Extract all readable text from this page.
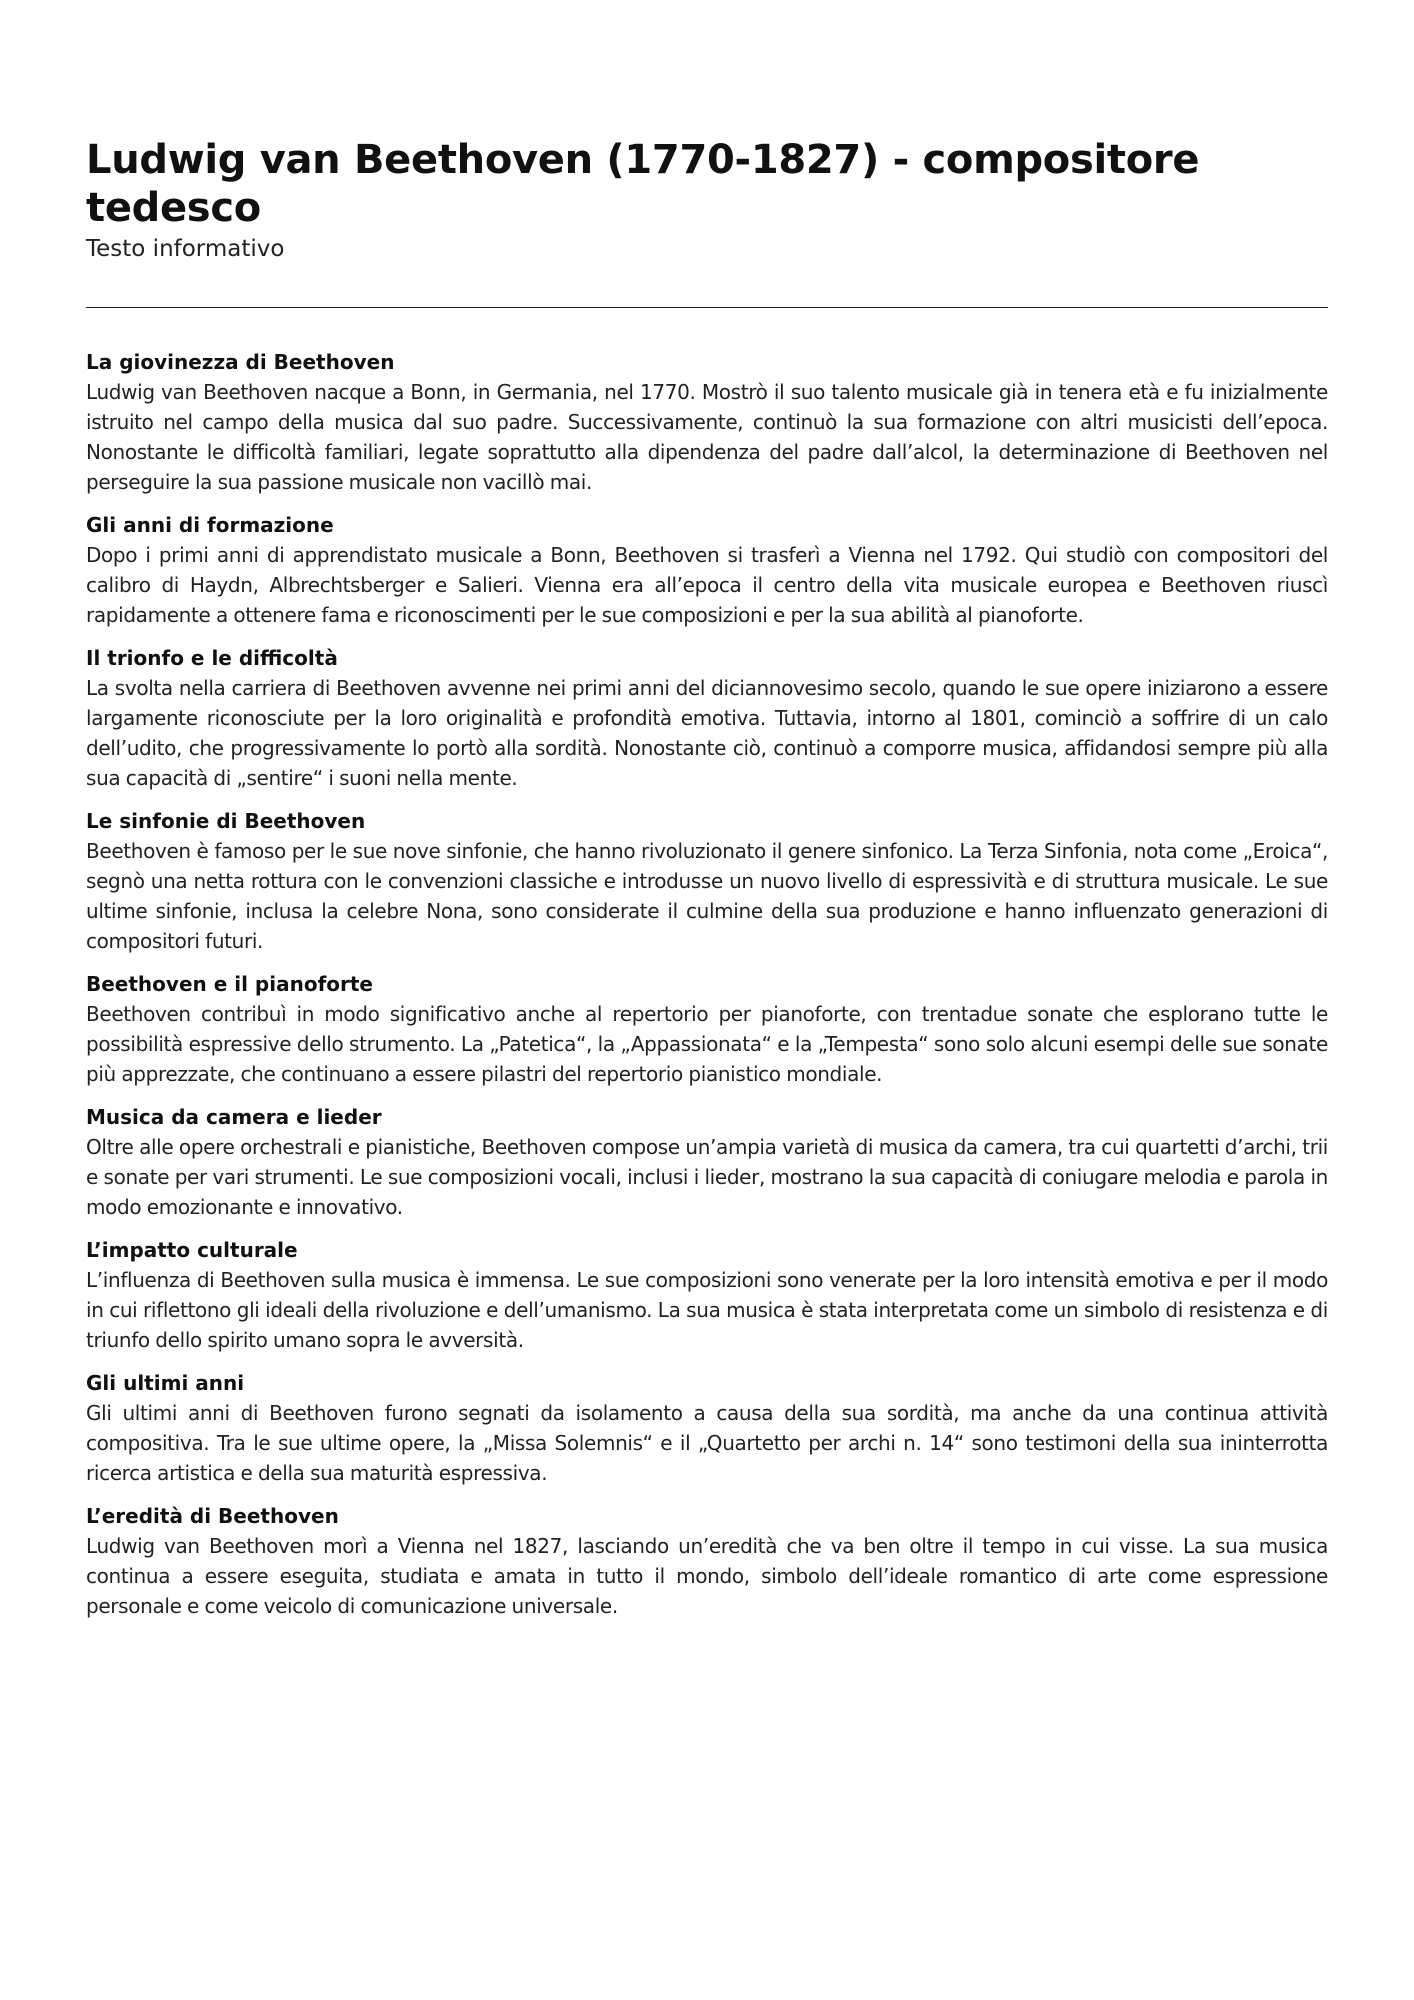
Ludwig van Beethoven (1770-1827) - compositore tedesco
Testo informativo
La giovinezza di Beethoven

Ludwig van Beethoven nacque a Bonn, in Germania, nel 1770. Mostrò il suo talento musicale già in tenera età e fu inizialmente istruito nel campo della musica dal suo padre. Successivamente, continuò la sua formazione con altri musicisti dell’epoca. Nonostante le difficoltà familiari, legate soprattutto alla dipendenza del padre dall’alcol, la determinazione di Beethoven nel perseguire la sua passione musicale non vacillò mai.

Gli anni di formazione

Dopo i primi anni di apprendistato musicale a Bonn, Beethoven si trasferì a Vienna nel 1792. Qui studiò con compositori del calibro di Haydn, Albrechtsberger e Salieri. Vienna era all’epoca il centro della vita musicale europea e Beethoven riuscì rapidamente a ottenere fama e riconoscimenti per le sue composizioni e per la sua abilità al pianoforte.

Il trionfo e le difficoltà

La svolta nella carriera di Beethoven avvenne nei primi anni del diciannovesimo secolo, quando le sue opere iniziarono a essere largamente riconosciute per la loro originalità e profondità emotiva. Tuttavia, intorno al 1801, cominciò a soffrire di un calo dell’udito, che progressivamente lo portò alla sordità. Nonostante ciò, continuò a comporre musica, affidandosi sempre più alla sua capacità di „sentire“ i suoni nella mente.

Le sinfonie di Beethoven

Beethoven è famoso per le sue nove sinfonie, che hanno rivoluzionato il genere sinfonico. La Terza Sinfonia, nota come „Eroica“, segnò una netta rottura con le convenzioni classiche e introdusse un nuovo livello di espressività e di struttura musicale. Le sue ultime sinfonie, inclusa la celebre Nona, sono considerate il culmine della sua produzione e hanno influenzato generazioni di compositori futuri.

Beethoven e il pianoforte

Beethoven contribuì in modo significativo anche al repertorio per pianoforte, con trentadue sonate che esplorano tutte le possibilità espressive dello strumento. La „Patetica“, la „Appassionata“ e la „Tempesta“ sono solo alcuni esempi delle sue sonate più apprezzate, che continuano a essere pilastri del repertorio pianistico mondiale.

Musica da camera e lieder

Oltre alle opere orchestrali e pianistiche, Beethoven compose un’ampia varietà di musica da camera, tra cui quartetti d’archi, trii e sonate per vari strumenti. Le sue composizioni vocali, inclusi i lieder, mostrano la sua capacità di coniugare melodia e parola in modo emozionante e innovativo.

L’impatto culturale

L’influenza di Beethoven sulla musica è immensa. Le sue composizioni sono venerate per la loro intensità emotiva e per il modo in cui riflettono gli ideali della rivoluzione e dell’umanismo. La sua musica è stata interpretata come un simbolo di resistenza e di triunfo dello spirito umano sopra le avversità.

Gli ultimi anni

Gli ultimi anni di Beethoven furono segnati da isolamento a causa della sua sordità, ma anche da una continua attività compositiva. Tra le sue ultime opere, la „Missa Solemnis“ e il „Quartetto per archi n. 14“ sono testimoni della sua ininterrotta ricerca artistica e della sua maturità espressiva.

L’eredità di Beethoven

Ludwig van Beethoven morì a Vienna nel 1827, lasciando un’eredità che va ben oltre il tempo in cui visse. La sua musica continua a essere eseguita, studiata e amata in tutto il mondo, simbolo dell’ideale romantico di arte come espressione personale e come veicolo di comunicazione universale.
